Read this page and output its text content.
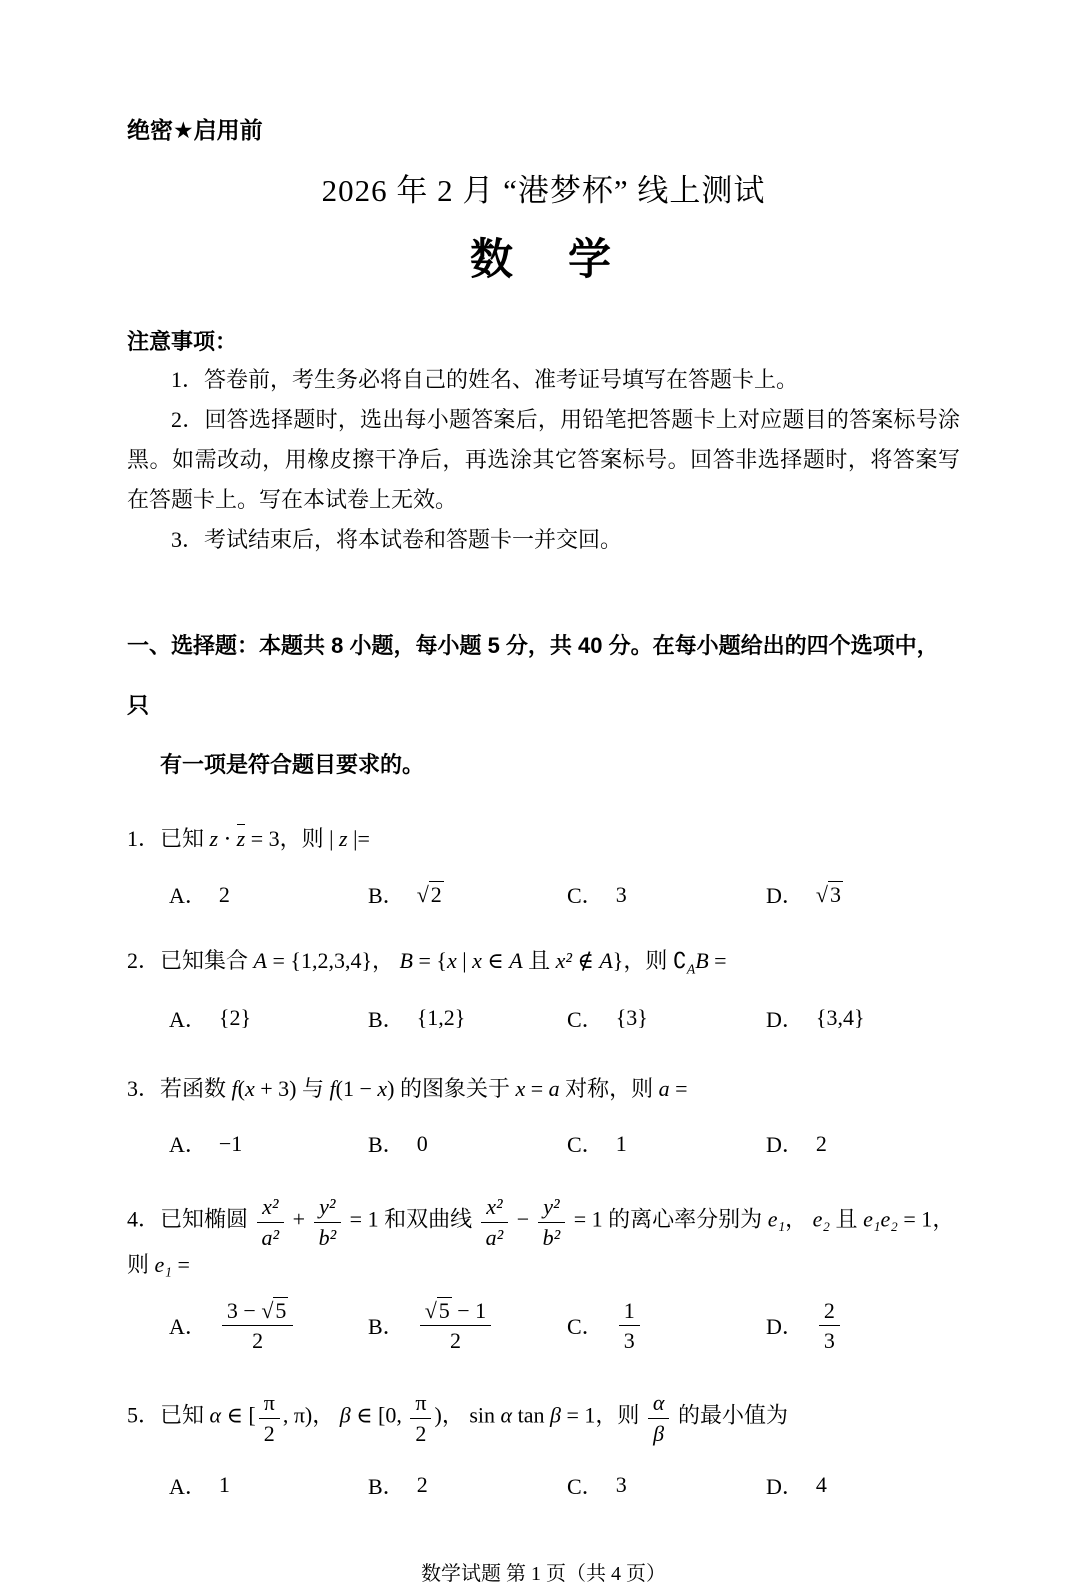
绝密★启用前
2026 年 2 月 “港梦杯” 线上测试
数　学
注意事项：

1．答卷前，考生务必将自己的姓名、准考证号填写在答题卡上。

2．回答选择题时，选出每小题答案后，用铅笔把答题卡上对应题目的答案标号涂黑。如需改动，用橡皮擦干净后，再选涂其它答案标号。回答非选择题时，将答案写在答题卡上。写在本试卷上无效。

3．考试结束后，将本试卷和答题卡一并交回。

一、选择题：本题共 8 小题，每小题 5 分，共 40 分。在每小题给出的四个选项中，只
有一项是符合题目要求的。
1．已知 z ⋅ z = 3，则 | z |=
A． 2	B． √2	C． 3	D． √3
2．已知集合 A = {1,2,3,4}， B = {x | x ∈ A 且 x² ∉ A}，则 $∁_AB$ =
A． {2}	B． {1,2}	C． {3}	D． {3,4}
3．若函数 f(x + 3) 与 f(1 − x) 的图象关于 x = a 对称，则 a =
A． −1	B． 0	C． 1	D． 2
4．已知椭圆 $\frac{\text{x²}}{\text{a²}} + \frac{\text{y²}}{\text{b²}} = 1$ 和双曲线 $\frac{\text{x²}}{\text{a²}} - \frac{\text{y²}}{\text{b²}} = 1$ 的离心率分别为 e₁， e₂ 且 e₁e₂ = 1，则 e₁ =
A． $\frac{3 - √5}{2}$	B． $\frac{√5 - 1}{2}$	C． $\frac{1}{3}$	D． $\frac{2}{3}$
5．已知 α ∈ [ $\frac{\pi}{2}$ , π)， β ∈ [0, $\frac{\pi}{2}$ )， sin α tan β = 1，则 $\frac{\alpha}{\beta}$ 的最小值为
A． 1	B． 2	C． 3	D． 4
数学试题 第 1 页（共 4 页）
